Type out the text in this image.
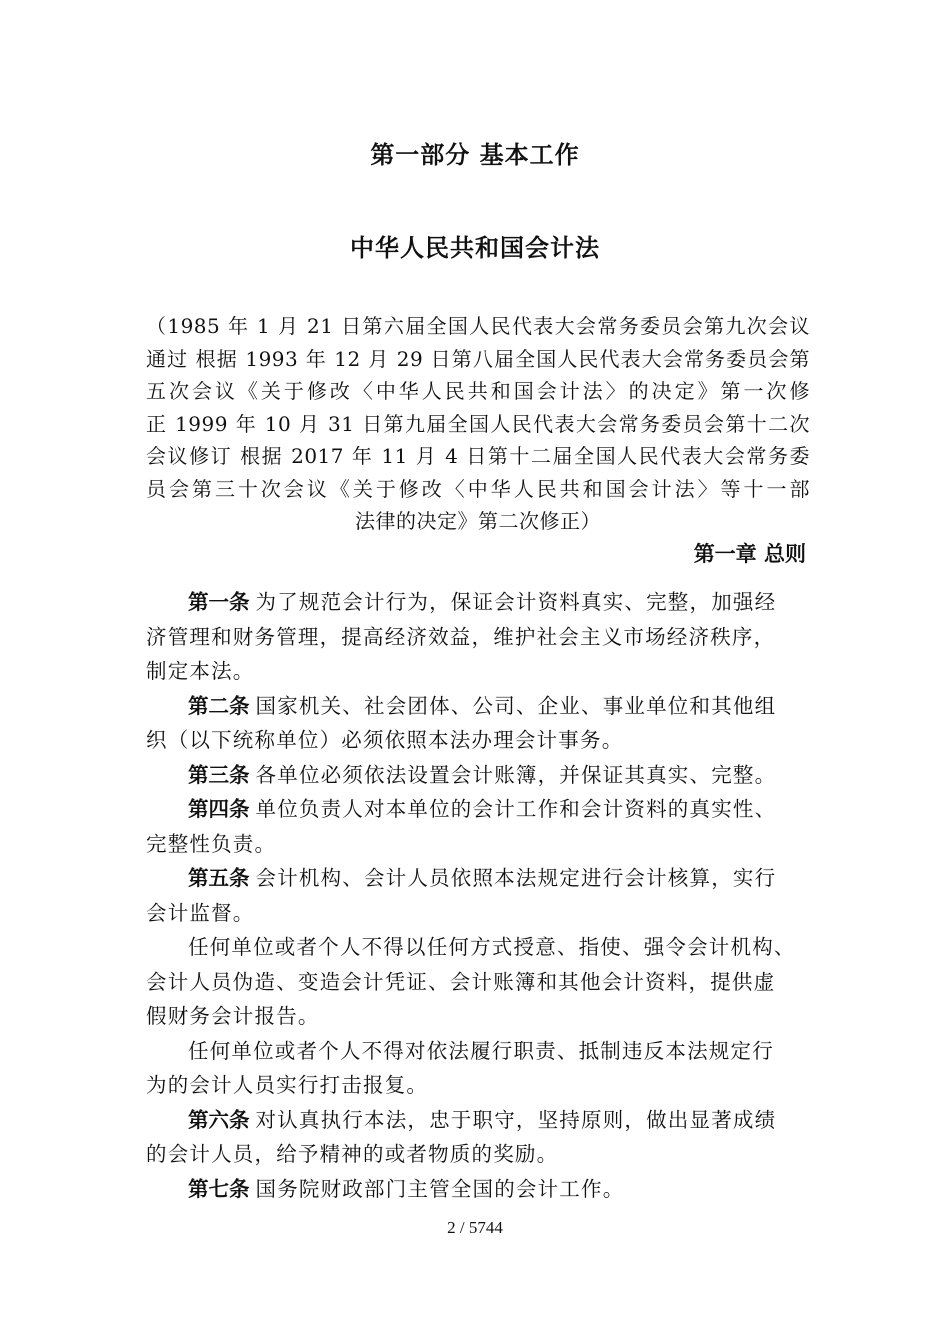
第一部分 基本工作
中华人民共和国会计法
（1985 年 1 月 21 日第六届全国人民代表大会常务委员会第九次会议
通过 根据 1993 年 12 月 29 日第八届全国人民代表大会常务委员会第
五次会议《关于修改〈中华人民共和国会计法〉的决定》第一次修
正 1999 年 10 月 31 日第九届全国人民代表大会常务委员会第十二次
会议修订 根据 2017 年 11 月 4 日第十二届全国人民代表大会常务委
员会第三十次会议《关于修改〈中华人民共和国会计法〉等十一部
法律的决定》第二次修正）
第一章 总则
第一条 为了规范会计行为，保证会计资料真实、完整，加强经
济管理和财务管理，提高经济效益，维护社会主义市场经济秩序，
制定本法。
第二条 国家机关、社会团体、公司、企业、事业单位和其他组
织（以下统称单位）必须依照本法办理会计事务。
第三条 各单位必须依法设置会计账簿，并保证其真实、完整。
第四条 单位负责人对本单位的会计工作和会计资料的真实性、
完整性负责。
第五条 会计机构、会计人员依照本法规定进行会计核算，实行
会计监督。
任何单位或者个人不得以任何方式授意、指使、强令会计机构、
会计人员伪造、变造会计凭证、会计账簿和其他会计资料，提供虚
假财务会计报告。
任何单位或者个人不得对依法履行职责、抵制违反本法规定行
为的会计人员实行打击报复。
第六条 对认真执行本法，忠于职守，坚持原则，做出显著成绩
的会计人员，给予精神的或者物质的奖励。
第七条 国务院财政部门主管全国的会计工作。
2 / 5744
